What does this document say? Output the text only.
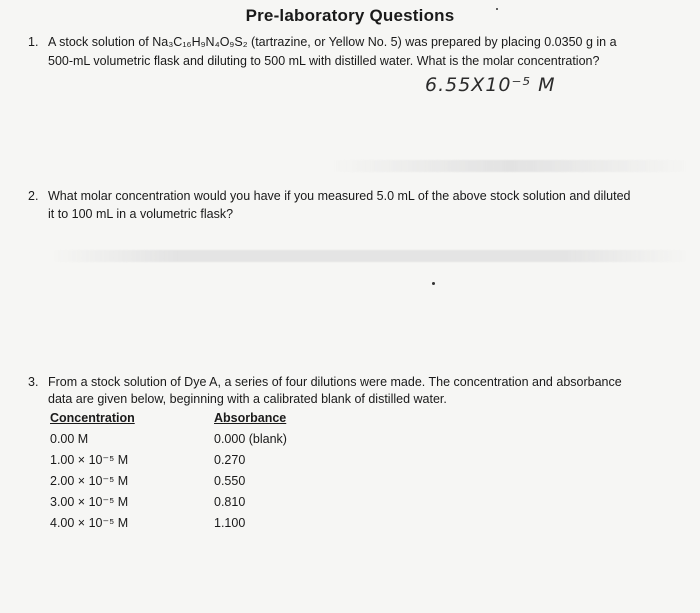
Pre-laboratory Questions
1. A stock solution of Na₃C₁₆H₉N₄O₉S₂ (tartrazine, or Yellow No. 5) was prepared by placing 0.0350 g in a
500-mL volumetric flask and diluting to 500 mL with distilled water. What is the molar concentration?
6.55X10⁻⁵ M
2. What molar concentration would you have if you measured 5.0 mL of the above stock solution and diluted
it to 100 mL in a volumetric flask?
3. From a stock solution of Dye A, a series of four dilutions were made. The concentration and absorbance
data are given below, beginning with a calibrated blank of distilled water.
Concentration
0.00 M
1.00 × 10⁻⁵ M
2.00 × 10⁻⁵ M
3.00 × 10⁻⁵ M
4.00 × 10⁻⁵ M
Absorbance
0.000 (blank)
0.270
0.550
0.810
1.100
